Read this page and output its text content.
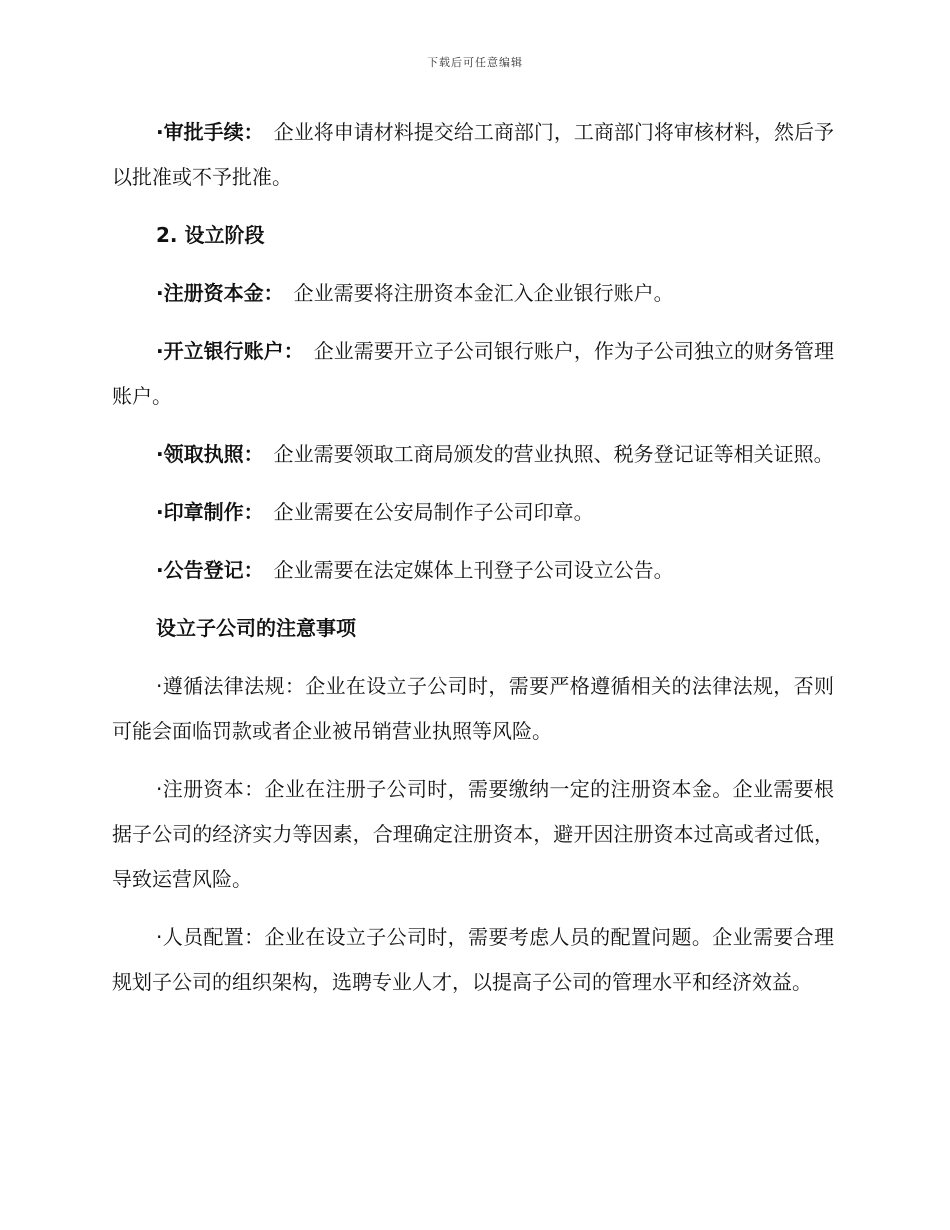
下载后可任意编辑

·审批手续： 企业将申请材料提交给工商部门，工商部门将审核材料，然后予以批准或不予批准。

2. 设立阶段

·注册资本金： 企业需要将注册资本金汇入企业银行账户。

·开立银行账户： 企业需要开立子公司银行账户，作为子公司独立的财务管理账户。

·领取执照： 企业需要领取工商局颁发的营业执照、税务登记证等相关证照。

·印章制作： 企业需要在公安局制作子公司印章。

·公告登记： 企业需要在法定媒体上刊登子公司设立公告。

设立子公司的注意事项

·遵循法律法规：企业在设立子公司时，需要严格遵循相关的法律法规，否则可能会面临罚款或者企业被吊销营业执照等风险。

·注册资本：企业在注册子公司时，需要缴纳一定的注册资本金。企业需要根据子公司的经济实力等因素，合理确定注册资本，避开因注册资本过高或者过低，导致运营风险。

·人员配置：企业在设立子公司时，需要考虑人员的配置问题。企业需要合理规划子公司的组织架构，选聘专业人才，以提高子公司的管理水平和经济效益。
